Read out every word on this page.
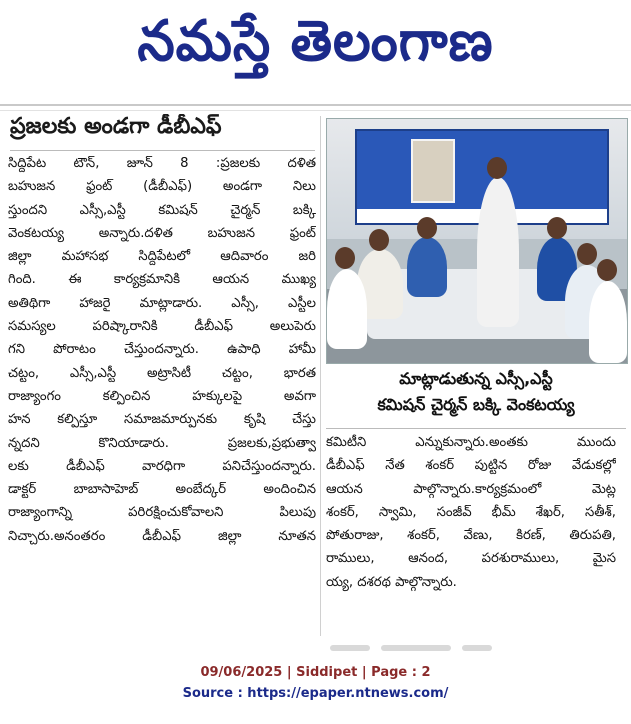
నమస్తే తెలంగాణ
ప్రజలకు అండగా డీబీఎఫ్
సిద్దిపేట టౌన్, జూన్ 8 :ప్రజలకు దళిత
బహుజన ఫ్రంట్ (డీబీఎఫ్) అండగా నిలు
స్తుందని ఎస్సీ,ఎస్టీ కమిషన్ చైర్మన్ బక్కి
వెంకటయ్య అన్నారు.దళిత బహుజన ఫ్రంట్
జిల్లా మహాసభ సిద్దిపేటలో ఆదివారం జరి
గింది. ఈ కార్యక్రమానికి ఆయన ముఖ్య
అతిథిగా హాజరై మాట్లాడారు. ఎస్సీ, ఎస్టీల
సమస్యల పరిష్కారానికి డీబీఎఫ్ అలుపెరు
గని పోరాటం చేస్తుందన్నారు. ఉపాధి హామీ
చట్టం, ఎస్సీ,ఎస్టీ అట్రాసిటీ చట్టం, భారత
రాజ్యాంగం కల్పించిన హక్కులపై అవగా
హన కల్పిస్తూ సమాజమార్పునకు కృషి చేస్తు
న్నదని కొనియాడారు. ప్రజలకు,ప్రభుత్వా
లకు డీబీఎఫ్ వారధిగా పనిచేస్తుందన్నారు.
డాక్టర్ బాబాసాహెబ్ అంబేద్కర్ అందించిన
రాజ్యాంగాన్ని పరిరక్షించుకోవాలని పిలుపు
నిచ్చారు.అనంతరం డీబీఎఫ్ జిల్లా నూతన
మాట్లాడుతున్న ఎస్సీ,ఎస్టీ
కమిషన్ చైర్మన్ బక్కి వెంకటయ్య
కమిటీని ఎన్నుకున్నారు.అంతకు ముందు
డీబీఎఫ్ నేత శంకర్ పుట్టిన రోజు వేడుకల్లో
ఆయన పాల్గొన్నారు.కార్యక్రమంలో మెట్ల
శంకర్, స్వామి, సంజీవ్ భీమ్ శేఖర్, సతీశ్,
పోతురాజు, శంకర్, వేణు, కిరణ్, తిరుపతి,
రాములు, ఆనంద, పరశురాములు, మైస
య్య, దశరథ పాల్గొన్నారు.

09/06/2025 | Siddipet | Page : 2
Source : https://epaper.ntnews.com/
